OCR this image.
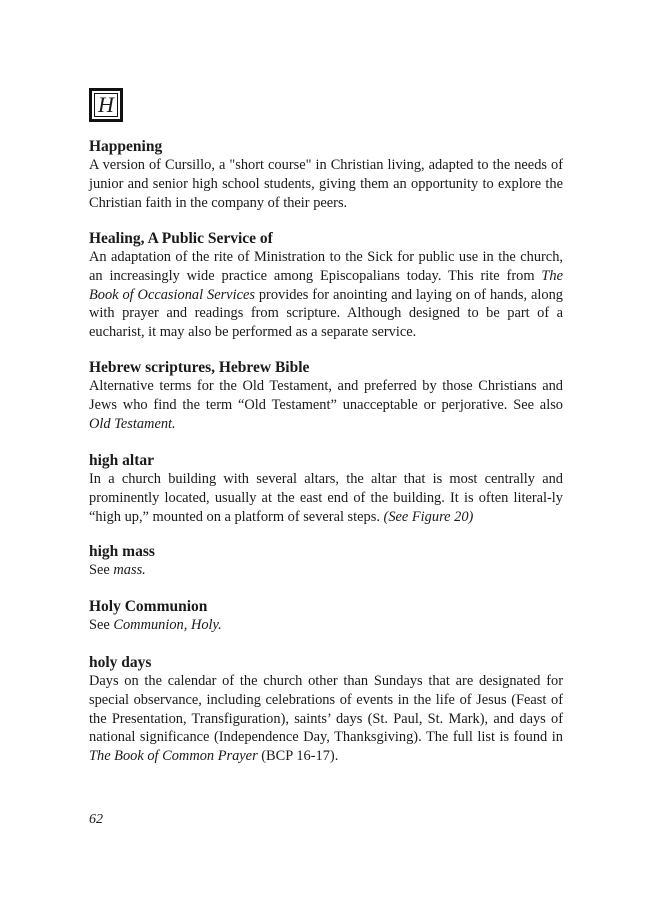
H

Happening

A version of Cursillo, a "short course" in Christian living, adapted to the needs of junior and senior high school students, giving them an opportunity to explore the Christian faith in the company of their peers.

Healing, A Public Service of

An adaptation of the rite of Ministration to the Sick for public use in the church, an increasingly wide practice among Episcopalians today. This rite from The Book of Occasional Services provides for anointing and laying on of hands, along with prayer and readings from scripture. Although designed to be part of a eucharist, it may also be performed as a separate service.

Hebrew scriptures, Hebrew Bible

Alternative terms for the Old Testament, and preferred by those Christians and Jews who find the term “Old Testament” unacceptable or perjorative. See also Old Testament.

high altar

In a church building with several altars, the altar that is most centrally and prominently located, usually at the east end of the building. It is often literal-ly “high up,” mounted on a platform of several steps. (See Figure 20)

high mass

See mass.

Holy Communion

See Communion, Holy.

holy days

Days on the calendar of the church other than Sundays that are designated for special observance, including celebrations of events in the life of Jesus (Feast of the Presentation, Transfiguration), saints’ days (St. Paul, St. Mark), and days of national significance (Independence Day, Thanksgiving). The full list is found in The Book of Common Prayer (BCP 16-17).

62
